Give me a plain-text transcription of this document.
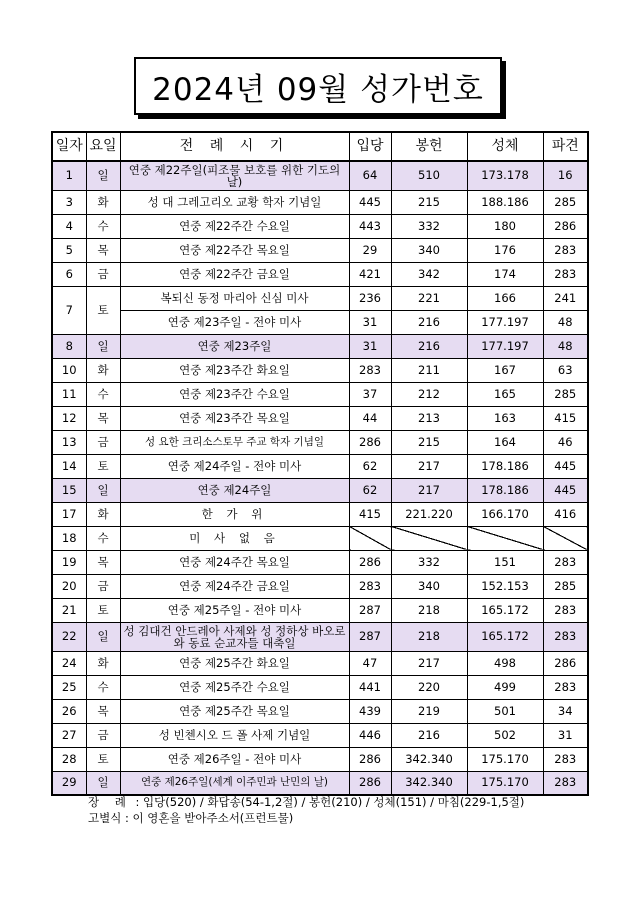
2024년 09월 성가번호
일자	요일	전 례 시 기	입당	봉헌	성체	파견
1	일	연중 제22주일(피조물 보호를 위한 기도의 날)	64	510	173.178	16
3	화	성 대 그레고리오 교황 학자 기념일	445	215	188.186	285
4	수	연중 제22주간 수요일	443	332	180	286
5	목	연중 제22주간 목요일	29	340	176	283
6	금	연중 제22주간 금요일	421	342	174	283
7	토	복되신 동정 마리아 신심 미사	236	221	166	241
		연중 제23주일 - 전야 미사	31	216	177.197	48
8	일	연중 제23주일	31	216	177.197	48
10	화	연중 제23주간 화요일	283	211	167	63
11	수	연중 제23주간 수요일	37	212	165	285
12	목	연중 제23주간 목요일	44	213	163	415
13	금	성 요한 크리소스토무 주교 학자 기념일	286	215	164	46
14	토	연중 제24주일 - 전야 미사	62	217	178.186	445
15	일	연중 제24주일	62	217	178.186	445
17	화	한 가 위	415	221.220	166.170	416
18	수	미 사 없 음				
19	목	연중 제24주간 목요일	286	332	151	283
20	금	연중 제24주간 금요일	283	340	152.153	285
21	토	연중 제25주일 - 전야 미사	287	218	165.172	283
22	일	성 김대건 안드레아 사제와 성 정하상 바오로와 동료 순교자들 대축일	287	218	165.172	283
24	화	연중 제25주간 화요일	47	217	498	286
25	수	연중 제25주간 수요일	441	220	499	283
26	목	연중 제25주간 목요일	439	219	501	34
27	금	성 빈첸시오 드 폴 사제 기념일	446	216	502	31
28	토	연중 제26주일 - 전야 미사	286	342.340	175.170	283
29	일	연중 제26주일(세계 이주민과 난민의 날)	286	342.340	175.170	283
장 례 : 입당(520) / 화답송(54-1,2절) / 봉헌(210) / 성체(151) / 마침(229-1,5절)
고별식 : 이 영혼을 받아주소서(프런트물)
